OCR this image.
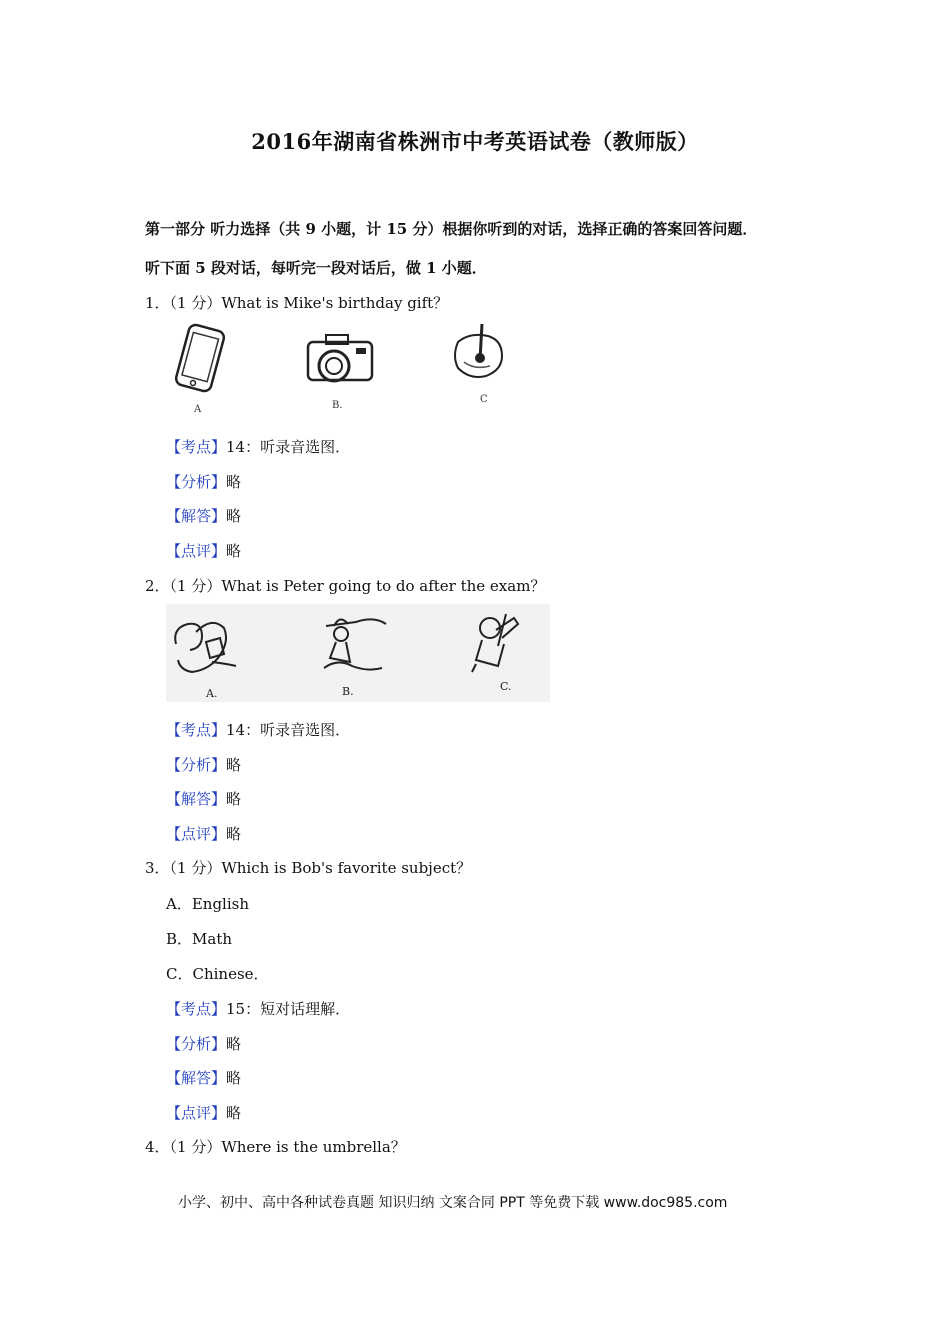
2016年湖南省株洲市中考英语试卷（教师版）
第一部分 听力选择（共 9 小题，计 15 分）根据你听到的对话，选择正确的答案回答问题．
听下面 5 段对话，每听完一段对话后，做 1 小题．
1．（1 分）What is Mike's birthday gift？
A	B.
C
【考点】14：听录音选图．
【分析】略
【解答】略
【点评】略
2．（1 分）What is Peter going to do after the exam？
A.	B.	C.
【考点】14：听录音选图．
【分析】略
【解答】略
【点评】略
3．（1 分）Which is Bob's favorite subject？
A．English
B．Math
C．Chinese．
【考点】15：短对话理解．
【分析】略
【解答】略
【点评】略
4．（1 分）Where is the umbrella？
小学、初中、高中各种试卷真题 知识归纳 文案合同 PPT 等免费下载 www.doc985.com
